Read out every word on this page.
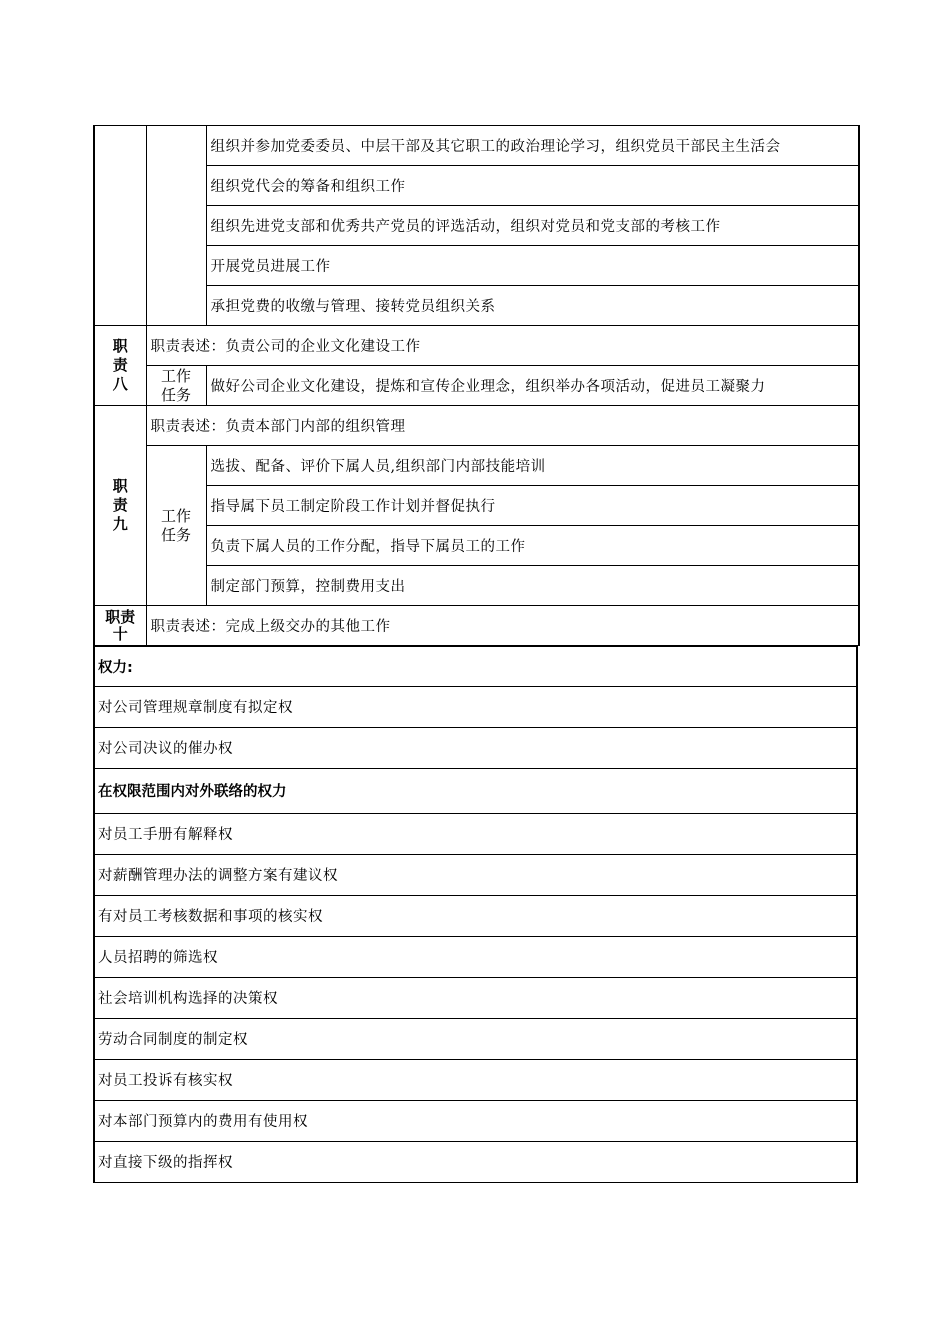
		组织并参加党委委员、中层干部及其它职工的政治理论学习，组织党员干部民主生活会
		组织党代会的筹备和组织工作
		组织先进党支部和优秀共产党员的评选活动，组织对党员和党支部的考核工作
		开展党员进展工作
		承担党费的收缴与管理、接转党员组织关系

职责八	职责表述：负责公司的企业文化建设工作	

	工作任务	做好公司企业文化建设，提炼和宣传企业理念，组织举办各项活动，促进员工凝聚力

职责九	职责表述：负责本部门内部的组织管理	

	工作任务	选拔、配备、评价下属人员,组织部门内部技能培训
		指导属下员工制定阶段工作计划并督促执行
		负责下属人员的工作分配，指导下属员工的工作
		制定部门预算，控制费用支出

职责十	职责表述：完成上级交办的其他工作	
权力:
对公司管理规章制度有拟定权
对公司决议的催办权
在权限范围内对外联络的权力
对员工手册有解释权
对薪酬管理办法的调整方案有建议权
有对员工考核数据和事项的核实权
人员招聘的筛选权
社会培训机构选择的决策权
劳动合同制度的制定权
对员工投诉有核实权
对本部门预算内的费用有使用权
对直接下级的指挥权
